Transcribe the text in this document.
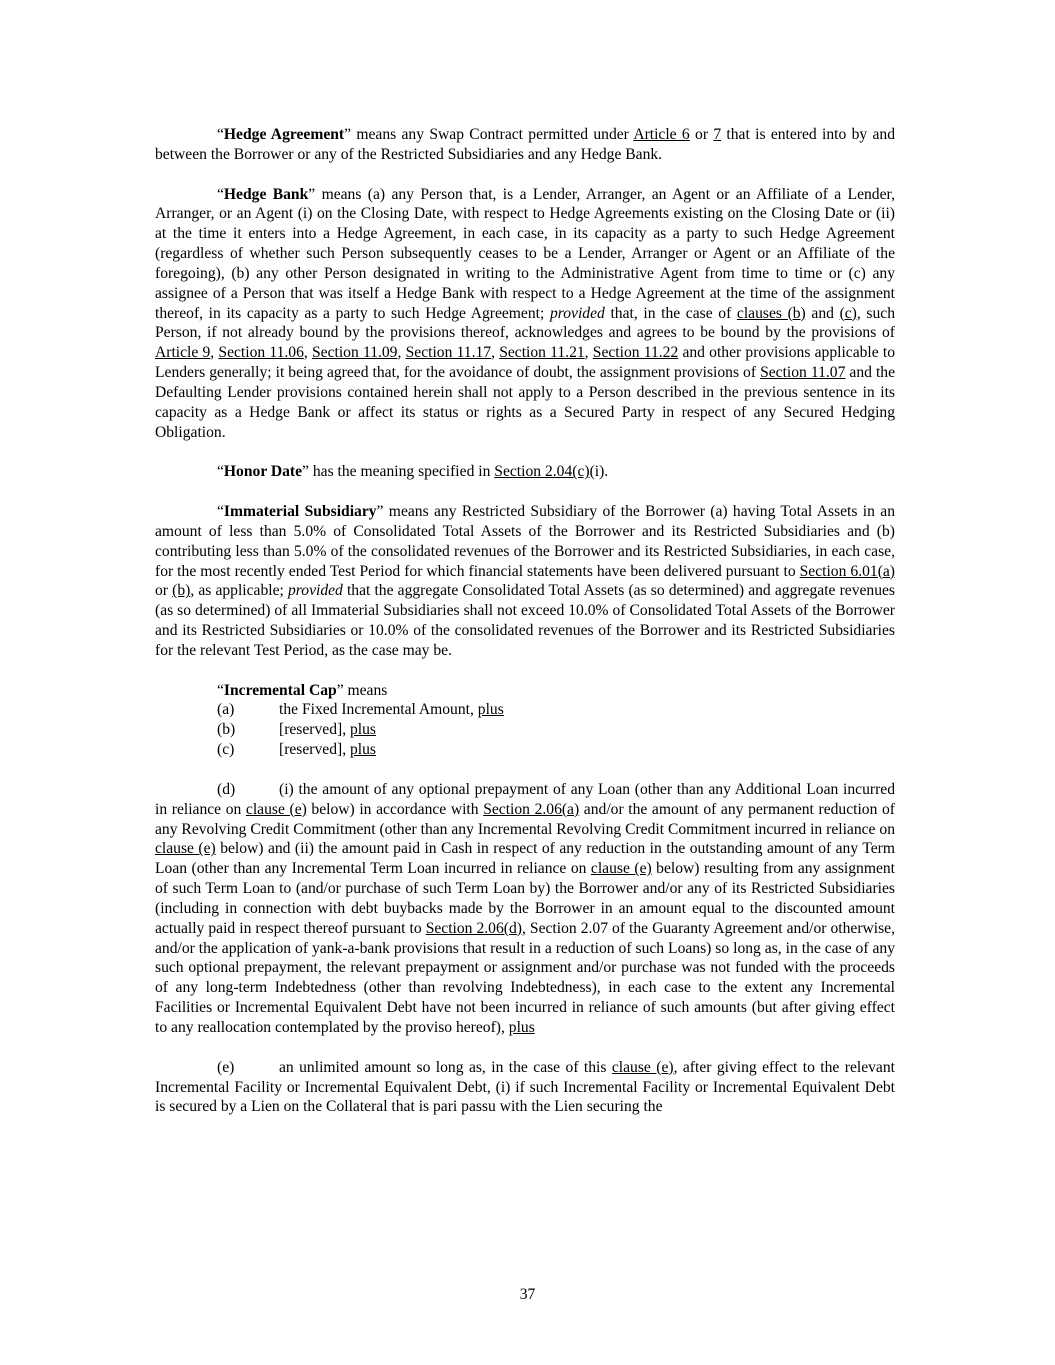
“Hedge Agreement” means any Swap Contract permitted under Article 6 or 7 that is entered into by and between the Borrower or any of the Restricted Subsidiaries and any Hedge Bank.

“Hedge Bank” means (a) any Person that, is a Lender, Arranger, an Agent or an Affiliate of a Lender, Arranger, or an Agent (i) on the Closing Date, with respect to Hedge Agreements existing on the Closing Date or (ii) at the time it enters into a Hedge Agreement, in each case, in its capacity as a party to such Hedge Agreement (regardless of whether such Person subsequently ceases to be a Lender, Arranger or Agent or an Affiliate of the foregoing), (b) any other Person designated in writing to the Administrative Agent from time to time or (c) any assignee of a Person that was itself a Hedge Bank with respect to a Hedge Agreement at the time of the assignment thereof, in its capacity as a party to such Hedge Agreement; provided that, in the case of clauses (b) and (c), such Person, if not already bound by the provisions thereof, acknowledges and agrees to be bound by the provisions of Article 9, Section 11.06, Section 11.09, Section 11.17, Section 11.21, Section 11.22 and other provisions applicable to Lenders generally; it being agreed that, for the avoidance of doubt, the assignment provisions of Section 11.07 and the Defaulting Lender provisions contained herein shall not apply to a Person described in the previous sentence in its capacity as a Hedge Bank or affect its status or rights as a Secured Party in respect of any Secured Hedging Obligation.

“Honor Date” has the meaning specified in Section 2.04(c)(i).

“Immaterial Subsidiary” means any Restricted Subsidiary of the Borrower (a) having Total Assets in an amount of less than 5.0% of Consolidated Total Assets of the Borrower and its Restricted Subsidiaries and (b) contributing less than 5.0% of the consolidated revenues of the Borrower and its Restricted Subsidiaries, in each case, for the most recently ended Test Period for which financial statements have been delivered pursuant to Section 6.01(a) or (b), as applicable; provided that the aggregate Consolidated Total Assets (as so determined) and aggregate revenues (as so determined) of all Immaterial Subsidiaries shall not exceed 10.0% of Consolidated Total Assets of the Borrower and its Restricted Subsidiaries or 10.0% of the consolidated revenues of the Borrower and its Restricted Subsidiaries for the relevant Test Period, as the case may be.

“Incremental Cap” means

(a)	the Fixed Incremental Amount, plus
(b)	[reserved], plus
(c)	[reserved], plus

(d)	(i) the amount of any optional prepayment of any Loan (other than any Additional Loan incurred in reliance on clause (e) below) in accordance with Section 2.06(a) and/or the amount of any permanent reduction of any Revolving Credit Commitment (other than any Incremental Revolving Credit Commitment incurred in reliance on clause (e) below) and (ii) the amount paid in Cash in respect of any reduction in the outstanding amount of any Term Loan (other than any Incremental Term Loan incurred in reliance on clause (e) below) resulting from any assignment of such Term Loan to (and/or purchase of such Term Loan by) the Borrower and/or any of its Restricted Subsidiaries (including in connection with debt buybacks made by the Borrower in an amount equal to the discounted amount actually paid in respect thereof pursuant to Section 2.06(d), Section 2.07 of the Guaranty Agreement and/or otherwise, and/or the application of yank-a-bank provisions that result in a reduction of such Loans) so long as, in the case of any such optional prepayment, the relevant prepayment or assignment and/or purchase was not funded with the proceeds of any long-term Indebtedness (other than revolving Indebtedness), in each case to the extent any Incremental Facilities or Incremental Equivalent Debt have not been incurred in reliance of such amounts (but after giving effect to any reallocation contemplated by the proviso hereof), plus

(e)	an unlimited amount so long as, in the case of this clause (e), after giving effect to the relevant Incremental Facility or Incremental Equivalent Debt, (i) if such Incremental Facility or Incremental Equivalent Debt is secured by a Lien on the Collateral that is pari passu with the Lien securing the

37
